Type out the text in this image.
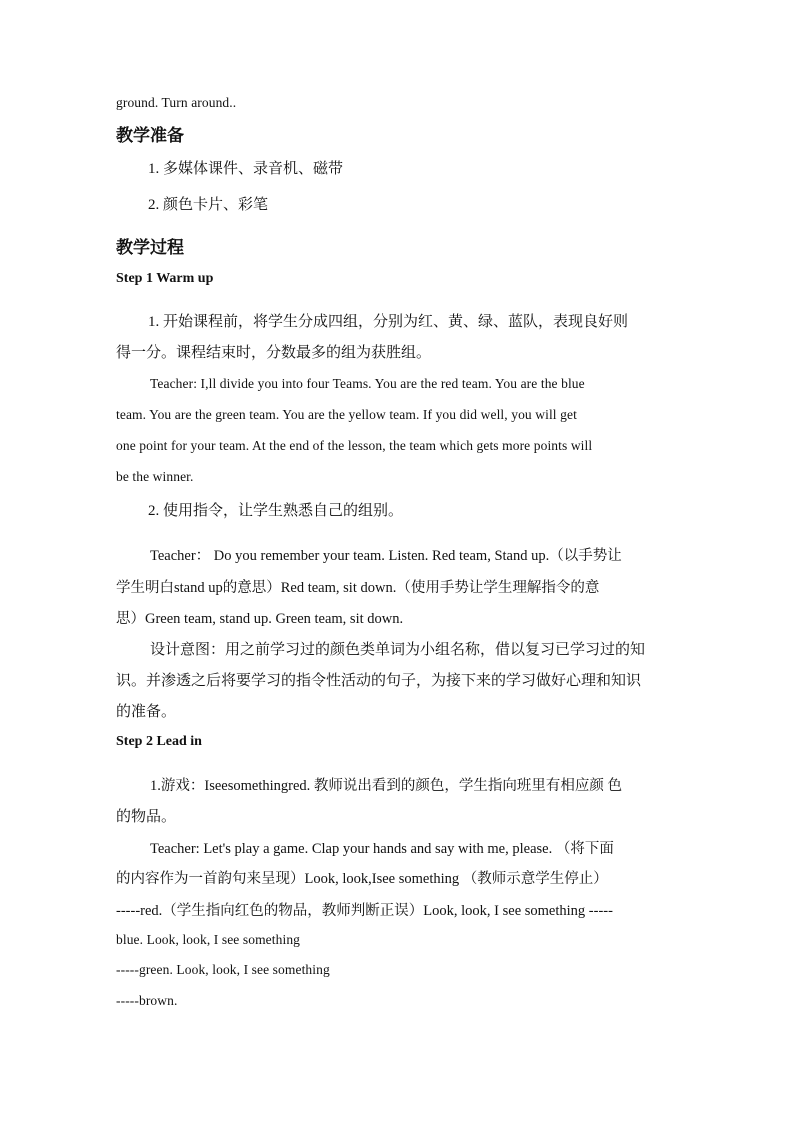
ground. Turn around..
教学准备
1. 多媒体课件、录音机、磁带
2. 颜色卡片、彩笔
教学过程
Step 1 Warm up
1. 开始课程前，将学生分成四组，分别为红、黄、绿、蓝队，表现良好则
得一分。课程结束时，分数最多的组为获胜组。
Teacher: I,ll divide you into four Teams. You are the red team. You are the blue
team. You are the green team. You are the yellow team. If you did well, you will get
one point for your team. At the end of the lesson, the team which gets more points will
be the winner.
2. 使用指令，让学生熟悉自己的组别。
Teacher： Do you remember your team. Listen. Red team, Stand up.（以手势让
学生明白stand up的意思）Red team, sit down.（使用手势让学生理解指令的意
思）Green team, stand up. Green team, sit down.
设计意图：用之前学习过的颜色类单词为小组名称，借以复习已学习过的知
识。并渗透之后将要学习的指令性活动的句子，为接下来的学习做好心理和知识
的准备。
Step 2 Lead in
1.游戏：Iseesomethingred. 教师说出看到的颜色，学生指向班里有相应颜 色
的物品。
Teacher: Let's play a game. Clap your hands and say with me, please. （将下面
的内容作为一首韵句来呈现）Look, look,Isee something （教师示意学生停止）
-----red.（学生指向红色的物品，教师判断正误）Look, look, I see something -----
blue. Look, look, I see something
-----green. Look, look, I see something
-----brown.
